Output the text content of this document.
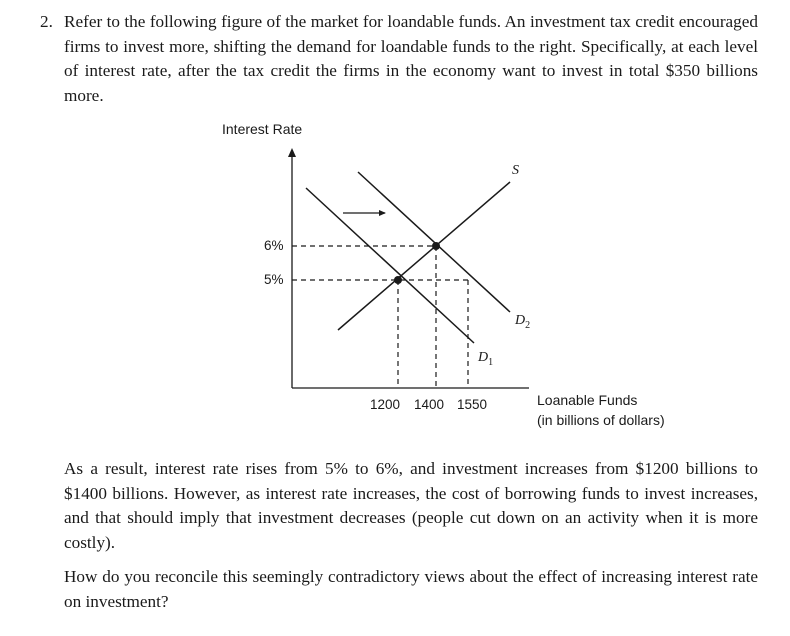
2. Refer to the following figure of the market for loandable funds. An investment tax credit encouraged firms to invest more, shifting the demand for loandable funds to the right. Specifically, at each level of interest rate, after the tax credit the firms in the economy want to invest in total $350 billions more.
Interest Rate
6%
5%
1200 1400 1550
S
$D_2$
$D_1$
Loanable Funds
(in billions of dollars)
As a result, interest rate rises from 5% to 6%, and investment increases from $1200 billions to $1400 billions. However, as interest rate increases, the cost of borrowing funds to invest increases, and that should imply that investment decreases (people cut down on an activity when it is more costly).
How do you reconcile this seemingly contradictory views about the effect of increasing interest rate on investment?
